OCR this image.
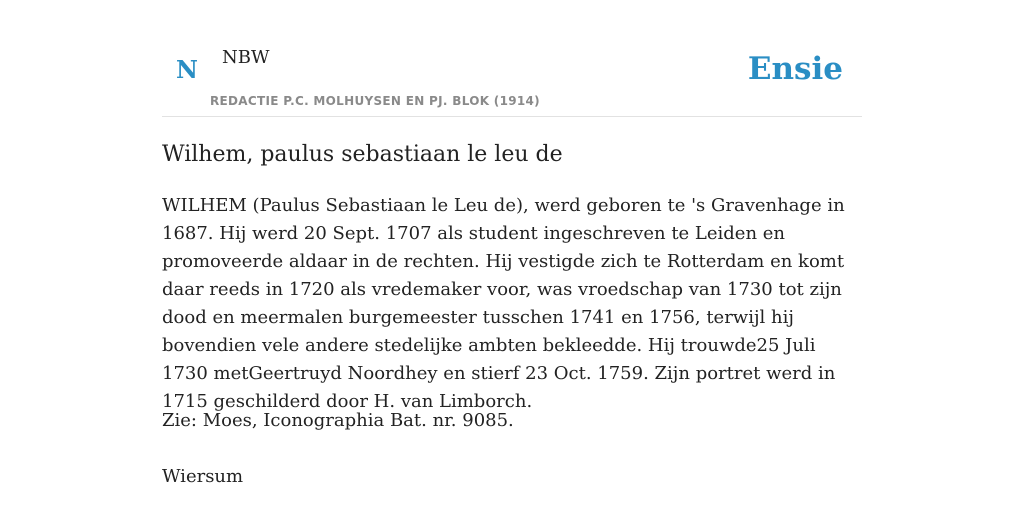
N NBW
REDACTIE P.C. MOLHUYSEN EN PJ. BLOK (1914)
Ensie
Wilhem, paulus sebastiaan le leu de

WILHEM (Paulus Sebastiaan le Leu de), werd geboren te 's Gravenhage in 1687. Hij werd 20 Sept. 1707 als student ingeschreven te Leiden en promoveerde aldaar in de rechten. Hij vestigde zich te Rotterdam en komt daar reeds in 1720 als vredemaker voor, was vroedschap van 1730 tot zijn dood en meermalen burgemeester tusschen 1741 en 1756, terwijl hij bovendien vele andere stedelijke ambten bekleedde. Hij trouwde25 Juli 1730 metGeertruyd Noordhey en stierf 23 Oct. 1759. Zijn portret werd in 1715 geschilderd door H. van Limborch.

Zie: Moes, Iconographia Bat. nr. 9085.

Wiersum
